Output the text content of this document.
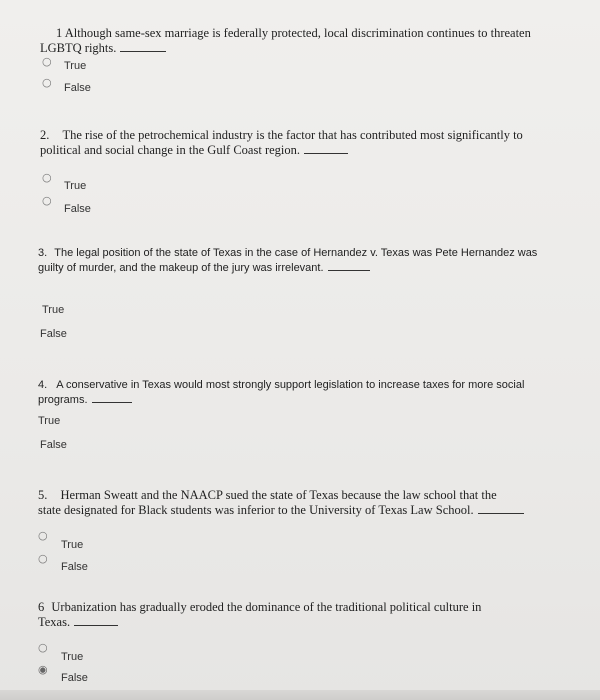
1 Although same-sex marriage is federally protected, local discrimination continues to threaten
LGBTQ rights.
○ True
○ False
2. The rise of the petrochemical industry is the factor that has contributed most significantly to
political and social change in the Gulf Coast region.
○
True
○
False
3. The legal position of the state of Texas in the case of Hernandez v. Texas was Pete Hernandez was
guilty of murder, and the makeup of the jury was irrelevant.
True
False
4. A conservative in Texas would most strongly support legislation to increase taxes for more social
programs.
True
False
5. Herman Sweatt and the NAACP sued the state of Texas because the law school that the
state designated for Black students was inferior to the University of Texas Law School.
○
True
○
False
6 Urbanization has gradually eroded the dominance of the traditional political culture in
Texas.
○
True
◉
False
